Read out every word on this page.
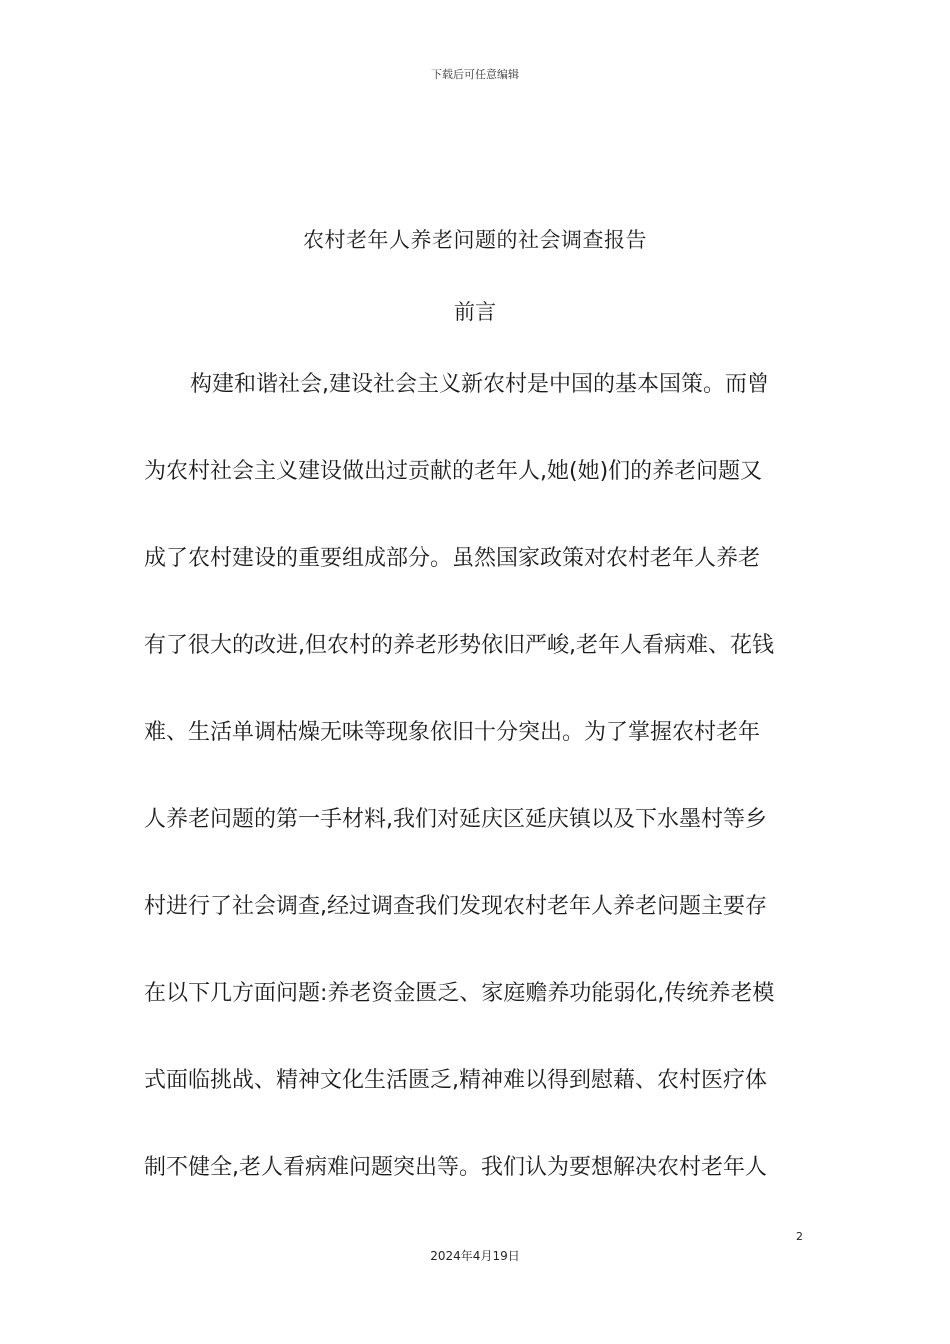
下载后可任意编辑
农村老年人养老问题的社会调查报告
前言
构建和谐社会,建设社会主义新农村是中国的基本国策。而曾
为农村社会主义建设做出过贡献的老年人,她(她)们的养老问题又
成了农村建设的重要组成部分。虽然国家政策对农村老年人养老
有了很大的改进,但农村的养老形势依旧严峻,老年人看病难、花钱
难、生活单调枯燥无味等现象依旧十分突出。为了掌握农村老年
人养老问题的第一手材料,我们对延庆区延庆镇以及下水墨村等乡
村进行了社会调查,经过调查我们发现农村老年人养老问题主要存
在以下几方面问题:养老资金匮乏、家庭赡养功能弱化,传统养老模
式面临挑战、精神文化生活匮乏,精神难以得到慰藉、农村医疗体
制不健全,老人看病难问题突出等。我们认为要想解决农村老年人
2
2024年4月19日
